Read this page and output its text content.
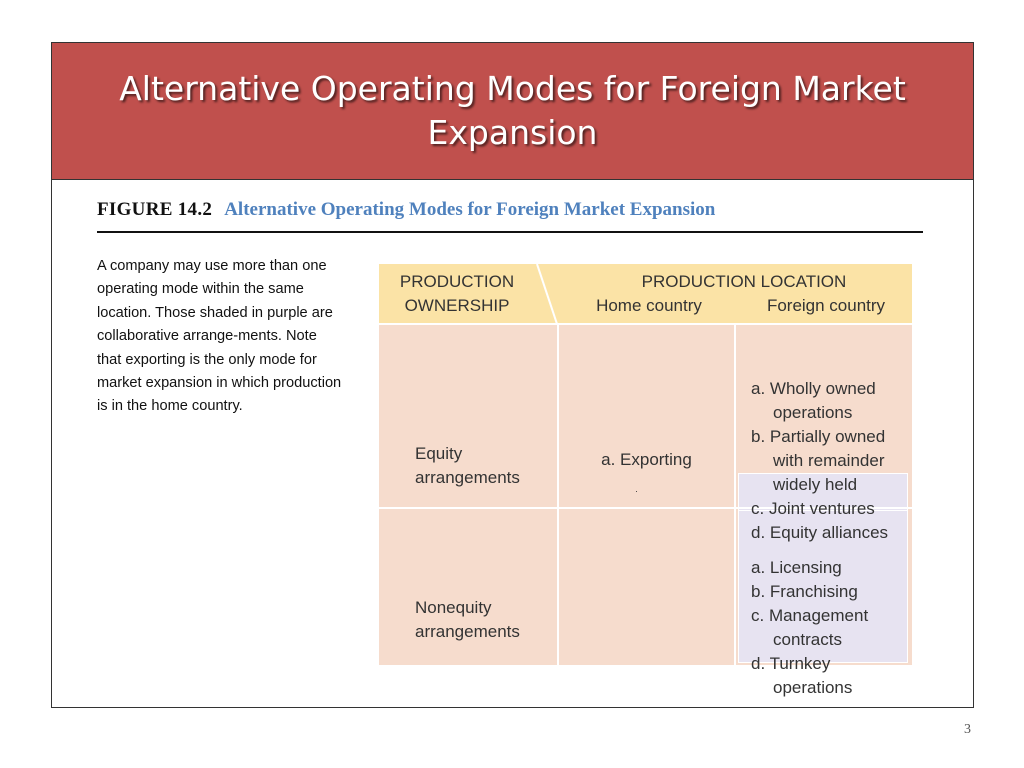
Alternative Operating Modes for Foreign Market Expansion
FIGURE 14.2 Alternative Operating Modes for Foreign Market Expansion
A company may use more than one operating mode within the same location. Those shaded in purple are collaborative arrange-ments. Note that exporting is the only mode for market expansion in which production is in the home country.
PRODUCTION
OWNERSHIP
PRODUCTION LOCATION
Home country	Foreign country
Equity
arrangements
a. Exporting
·
a. Wholly owned
operations
b. Partially owned
with remainder
widely held
c. Joint ventures
d. Equity alliances
Nonequity
arrangements
a. Licensing
b. Franchising
c. Management
contracts
d. Turnkey
operations
3
